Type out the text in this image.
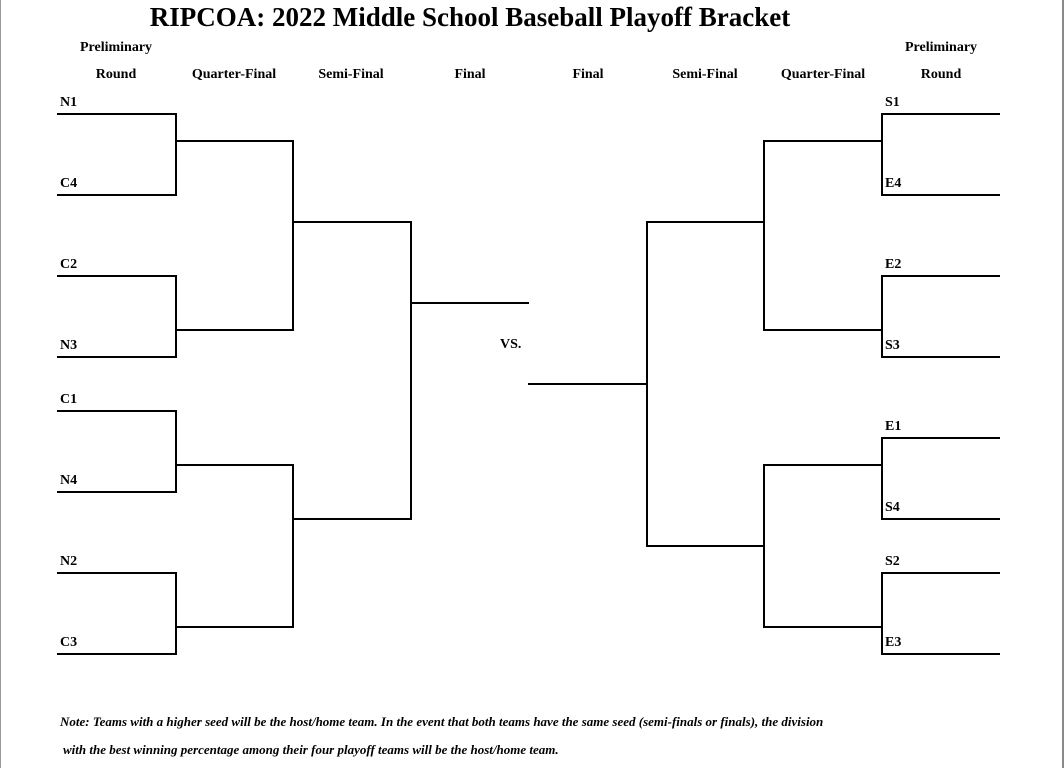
RIPCOA: 2022 Middle School Baseball Playoff Bracket
Preliminary
Round	Quarter-Final	Semi-Final	Final	Final	Semi-Final	Quarter-Final
Preliminary
Round
N1
C4
C2
N3
C1
N4
N2
C3
S1
E4
E2
S3
E1
S4
S2
E3
VS.
Note: Teams with a higher seed will be the host/home team. In the event that both teams have the same seed (semi-finals or finals), the division
with the best winning percentage among their four playoff teams will be the host/home team.
